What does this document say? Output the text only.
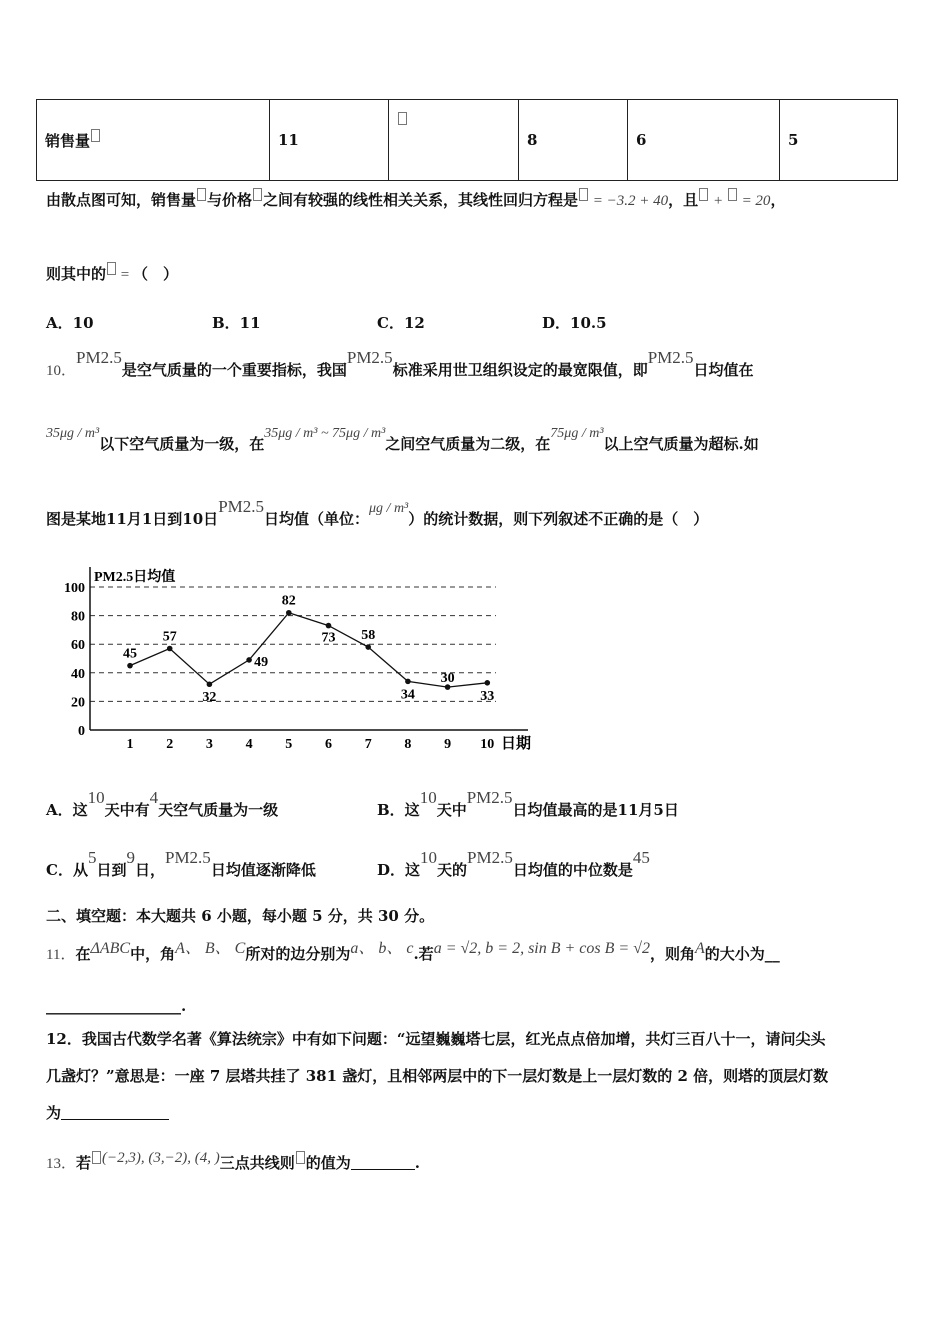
销售量	11		8	6	5
由散点图可知，销售量 与价格 之间有较强的线性相关关系，其线性回归方程是 = −3.2 + 40，且 +  = 20，
则其中的 = （　）
A．10	B．11	C．12	D．10.5
10．PM2.5是空气质量的一个重要指标，我国PM2.5标准采用世卫组织设定的最宽限值，即PM2.5日均值在
35μg / m³以下空气质量为一级，在35μg / m³ ~ 75μg / m³之间空气质量为二级，在75μg / m³以上空气质量为超标.如
图是某地11月1日到10日PM2.5日均值（单位：μg / m³）的统计数据，则下列叙述不正确的是（　）
0
20
40
60
80
100
1 2 3 4 5 6 7 8 9 10
45
57
32
49
82
73 58
34
30
33
PM2.5日均值
日期
A．这10天中有4天空气质量为一级	B．这10天中PM2.5日均值最高的是11月5日
C．从5日到9日，PM2.5日均值逐渐降低	D．这10天的PM2.5日均值的中位数是45
二、填空题：本大题共 6 小题，每小题 5 分，共 30 分。
11．在ΔABC中，角A、 B、 C所对的边分别为a、 b、 c.若a = √2, b = 2, sin B + cos B = √2，则角A的大小为__
__________________.
12．我国古代数学名著《算法统宗》中有如下问题：“远望巍巍塔七层，红光点点倍加增，共灯三百八十一，请问尖头
几盏灯？”意思是：一座 7 层塔共挂了 381 盏灯，且相邻两层中的下一层灯数是上一层灯数的 2 倍，则塔的顶层灯数
为
13．若 (−2,3), (3,−2), (4, )三点共线则 的值为	.
